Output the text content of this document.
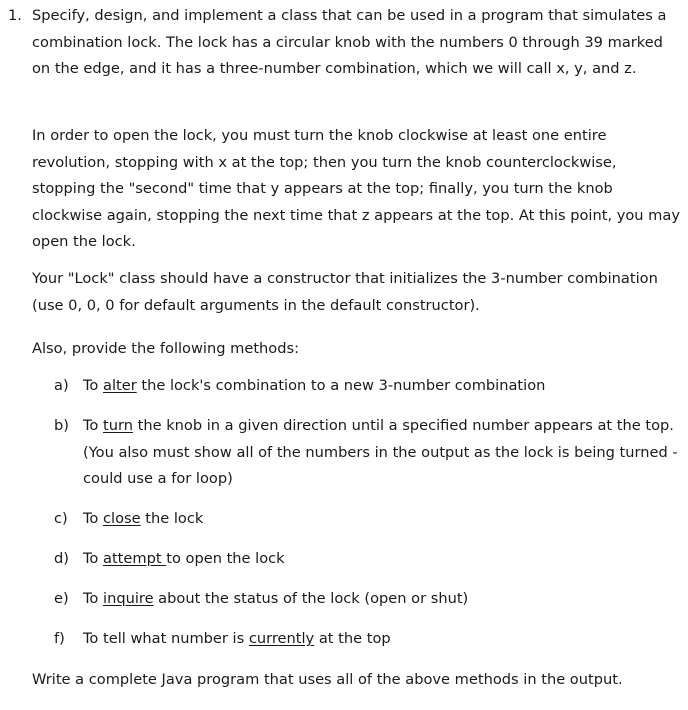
1. Specify, design, and implement a class that can be used in a program that simulates a combination lock. The lock has a circular knob with the numbers 0 through 39 marked on the edge, and it has a three-number combination, which we will call x, y, and z.

In order to open the lock, you must turn the knob clockwise at least one entire revolution, stopping with x at the top; then you turn the knob counterclockwise, stopping the "second" time that y appears at the top; finally, you turn the knob clockwise again, stopping the next time that z appears at the top. At this point, you may open the lock.

Your "Lock" class should have a constructor that initializes the 3-number combination (use 0, 0, 0 for default arguments in the default constructor).

Also, provide the following methods:

a) To alter the lock's combination to a new 3-number combination
b) To turn the knob in a given direction until a specified number appears at the top. (You also must show all of the numbers in the output as the lock is being turned - could use a for loop)
c) To close the lock
d) To attempt to open the lock
e) To inquire about the status of the lock (open or shut)
f) To tell what number is currently at the top

Write a complete Java program that uses all of the above methods in the output.
